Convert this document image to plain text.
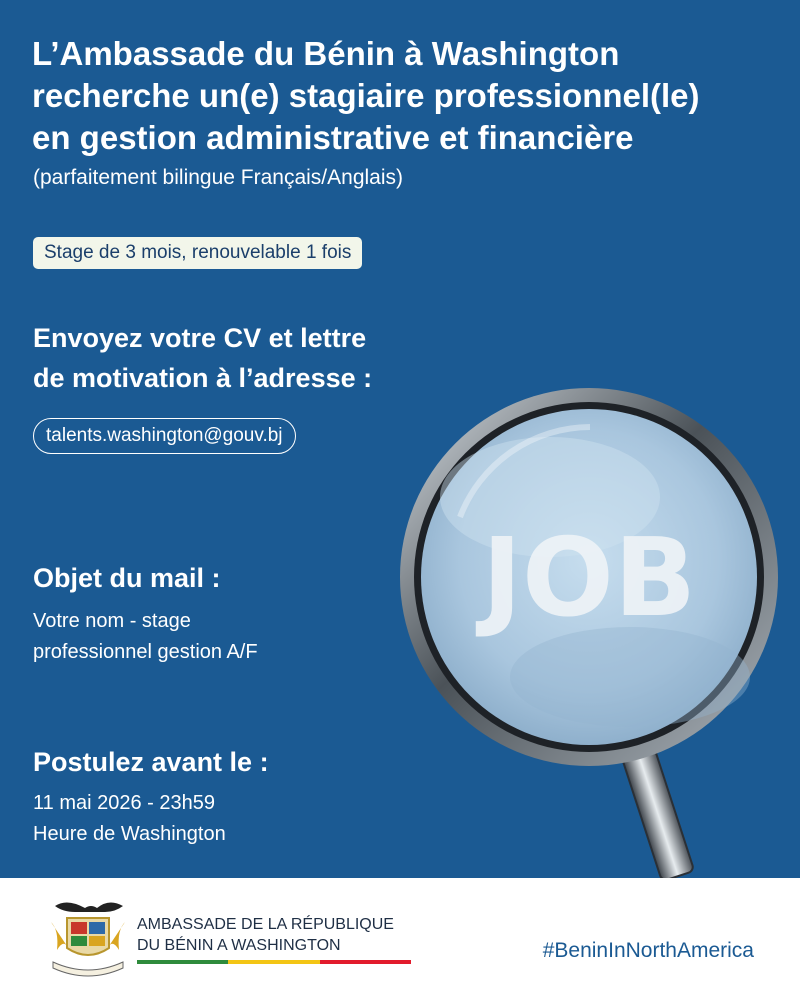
L’Ambassade du Bénin à Washington
recherche un(e) stagiaire professionnel(le)
en gestion administrative et financière
(parfaitement bilingue Français/Anglais)
Stage de 3 mois, renouvelable 1 fois
Envoyez votre CV et lettre
de motivation à l’adresse :
talents.washington@gouv.bj
Objet du mail :
Votre nom - stage
professionnel gestion A/F
Postulez avant le :
11 mai 2026 - 23h59
Heure de Washington
JOB
AMBASSADE DE LA RÉPUBLIQUE
DU BÉNIN A WASHINGTON	#BeninInNorthAmerica
